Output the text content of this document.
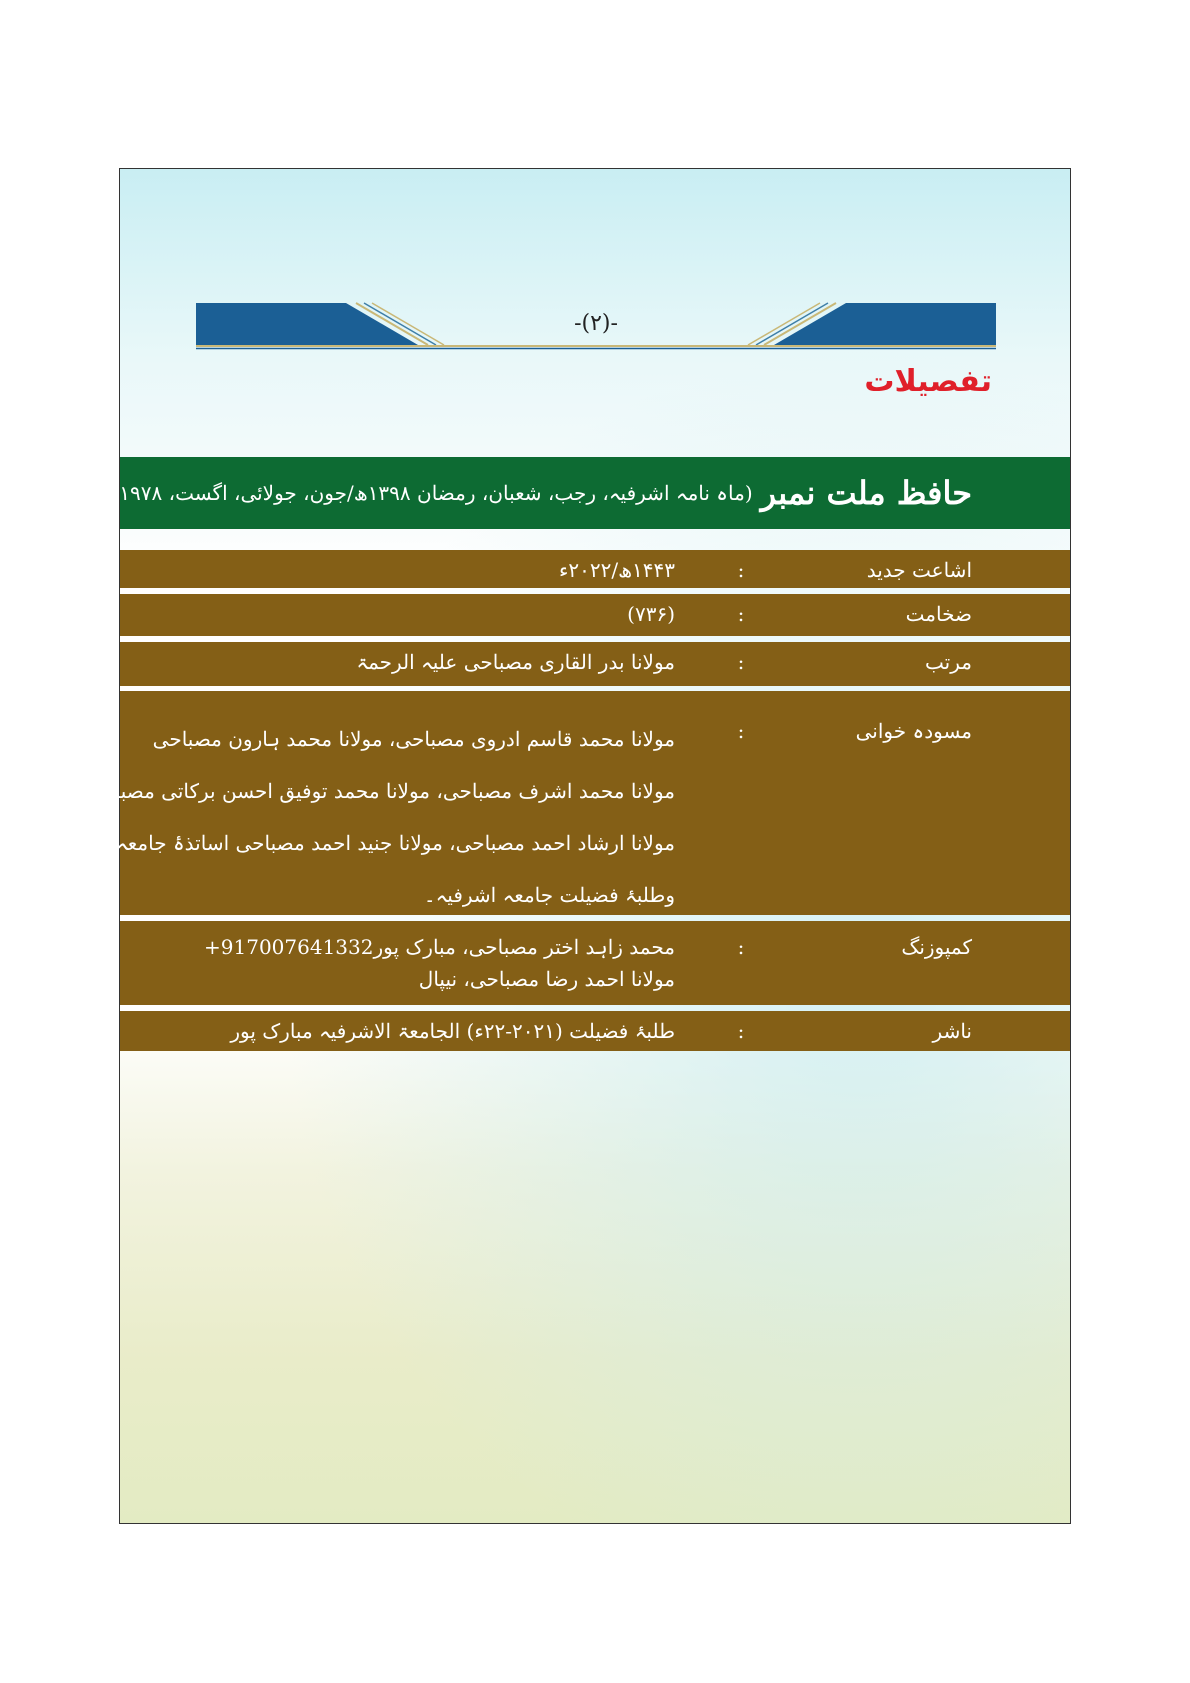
-(۲)-
تفصیلات
حافظ ملت نمبر
(ماہ نامہ اشرفیہ، رجب، شعبان، رمضان ۱۳۹۸ھ/جون، جولائی، اگست، ۱۹۷۸ء)
اشاعت جدید
:
۱۴۴۳ھ/۲۰۲۲ء
ضخامت
:
(۷۳۶)
مرتب
:
مولانا بدر القاری مصباحی علیہ الرحمۃ
مسودہ خوانی
:
مولانا محمد قاسم ادروی مصباحی، مولانا محمد ہارون مصباحی
مولانا محمد اشرف مصباحی، مولانا محمد توفیق احسن برکاتی مصباحی
مولانا ارشاد احمد مصباحی، مولانا جنید احمد مصباحی اساتذۂ جامعہ اشرفیہ
وطلبۂ فضیلت جامعہ اشرفیہ۔
کمپوزنگ
:
محمد زاہد اختر مصباحی، مبارک پور+917007641332
مولانا احمد رضا مصباحی، نیپال
ناشر
:
طلبۂ فضیلت (۲۰۲۱-۲۲ء) الجامعۃ الاشرفیہ مبارک پور
